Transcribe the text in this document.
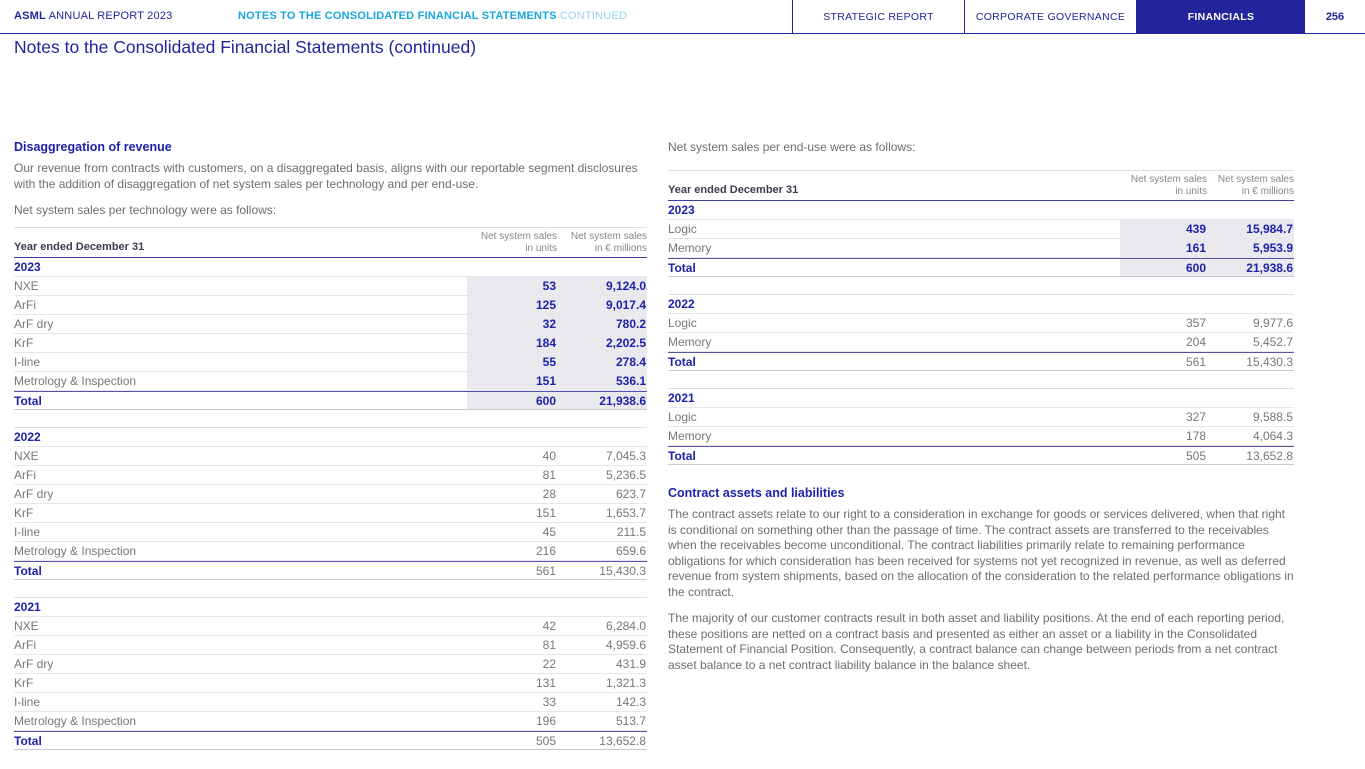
ASML ANNUAL REPORT 2023	NOTES TO THE CONSOLIDATED FINANCIAL STATEMENTS CONTINUED	STRATEGIC REPORT	CORPORATE GOVERNANCE	FINANCIALS	256
Notes to the Consolidated Financial Statements (continued)
Disaggregation of revenue

Our revenue from contracts with customers, on a disaggregated basis, aligns with our reportable segment disclosures with the addition of disaggregation of net system sales per technology and per end-use.

Net system sales per technology were as follows:

Year ended December 31
Net system sales
in units
Net system sales
in € millions
2023
NXE	53	9,124.0
ArFi	125	9,017.4
ArF dry	32	780.2
KrF	184	2,202.5
I-line	55	278.4
Metrology & Inspection	151	536.1
Total	600	21,938.6
2022
NXE	40	7,045.3
ArFi	81	5,236.5
ArF dry	28	623.7
KrF	151	1,653.7
I-line	45	211.5
Metrology & Inspection	216	659.6
Total	561	15,430.3
2021
NXE	42	6,284.0
ArFi	81	4,959.6
ArF dry	22	431.9
KrF	131	1,321.3
I-line	33	142.3
Metrology & Inspection	196	513.7
Total	505	13,652.8

Net system sales per end-use were as follows:

Year ended December 31
Net system sales
in units
Net system sales
in € millions
2023
Logic	439	15,984.7
Memory	161	5,953.9
Total	600	21,938.6
2022
Logic	357	9,977.6
Memory	204	5,452.7
Total	561	15,430.3
2021
Logic	327	9,588.5
Memory	178	4,064.3
Total	505	13,652.8
Contract assets and liabilities

The contract assets relate to our right to a consideration in exchange for goods or services delivered, when that right is conditional on something other than the passage of time. The contract assets are transferred to the receivables when the receivables become unconditional. The contract liabilities primarily relate to remaining performance obligations for which consideration has been received for systems not yet recognized in revenue, as well as deferred revenue from system shipments, based on the allocation of the consideration to the related performance obligations in the contract.

The majority of our customer contracts result in both asset and liability positions. At the end of each reporting period, these positions are netted on a contract basis and presented as either an asset or a liability in the Consolidated Statement of Financial Position. Consequently, a contract balance can change between periods from a net contract asset balance to a net contract liability balance in the balance sheet.
